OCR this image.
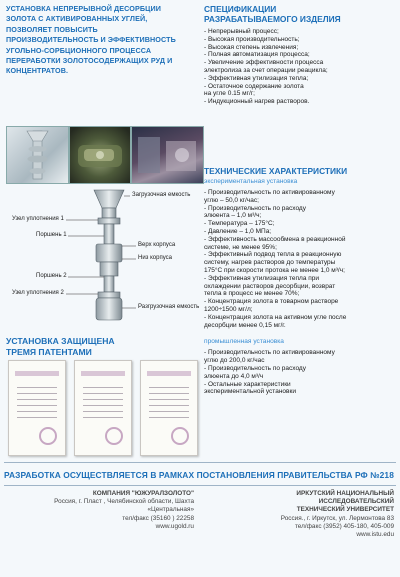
УСТАНОВКА НЕПРЕРЫВНОЙ ДЕСОРБЦИИ
ЗОЛОТА С АКТИВИРОВАННЫХ УГЛЕЙ,
ПОЗВОЛЯЕТ ПОВЫСИТЬ
ПРОИЗВОДИТЕЛЬНОСТЬ И ЭФФЕКТИВНОСТЬ
УГОЛЬНО-СОРБЦИОННОГО ПРОЦЕССА
ПЕРЕРАБОТКИ ЗОЛОТОСОДЕРЖАЩИХ РУД И
КОНЦЕНТРАТОВ.
Загрузочная емкость
Узел уплотнения 1
Поршень 1
Верх корпуса
Низ корпуса
Поршень 2
Узел уплотнения 2
Разгрузочная емкость
УСТАНОВКА ЗАЩИЩЕНА
ТРЕМЯ ПАТЕНТАМИ
СПЕЦИФИКАЦИИ
РАЗРАБАТЫВАЕМОГО ИЗДЕЛИЯ
- Непрерывный процесс;
- Высокая производительность;
- Высокая степень извлечения;
- Полная автоматизация процесса;
- Увеличение эффективности процесса
электролиза за счет операции реацикла;
- Эффективная утилизация тепла;
- Остаточное содержание золота
на угле 0.15 мг/г;
- Индукционный нагрев растворов.
ТЕХНИЧЕСКИЕ ХАРАКТЕРИСТИКИ
экспериментальная установка
- Производительность по активированному
углю – 50,0 кг/час;
- Производительность по расходу
элюента – 1,0 м³/ч;
- Температура – 175°С;
- Давление – 1,0 МПа;
- Эффективность массообмена в реакционной
системе, не менее 95%;
- Эффективный подвод тепла в реакционную
систему, нагрев растворов до температуры
175°С при скорости протока не менее 1,0 м³/ч;
- Эффективная утилизация тепла при
охлаждении растворов десорбции, возврат
тепла в процесс не менее 70%;
- Концентрация золота в товарном растворе
1200÷1500 мг/л;
- Концентрация золота на активном угле после
десорбции менее 0,15 мг/г.
промышленная установка
- Производительность по активированному
углю до 200,0 кг/час
- Производительность по расходу
элюента до 4,0 м³/ч
- Остальные характеристики
экспериментальной установки
РАЗРАБОТКА ОСУЩЕСТВЛЯЕТСЯ В РАМКАХ ПОСТАНОВЛЕНИЯ ПРАВИТЕЛЬСТВА РФ №218
КОМПАНИЯ "ЮЖУРАЛЗОЛОТО"
Россия, г. Пласт , Челябинской области, Шахта
«Центральная»
тел/факс (35160 ) 22258
www.ugold.ru
ИРКУТСКИЙ НАЦИОНАЛЬНЫЙ
ИССЛЕДОВАТЕЛЬСКИЙ
ТЕХНИЧЕСКИЙ УНИВЕРСИТЕТ
Россия., г. Иркутск, ул. Лермонтова 83
тел/факс (3952) 405-180, 405-009
www.istu.edu
